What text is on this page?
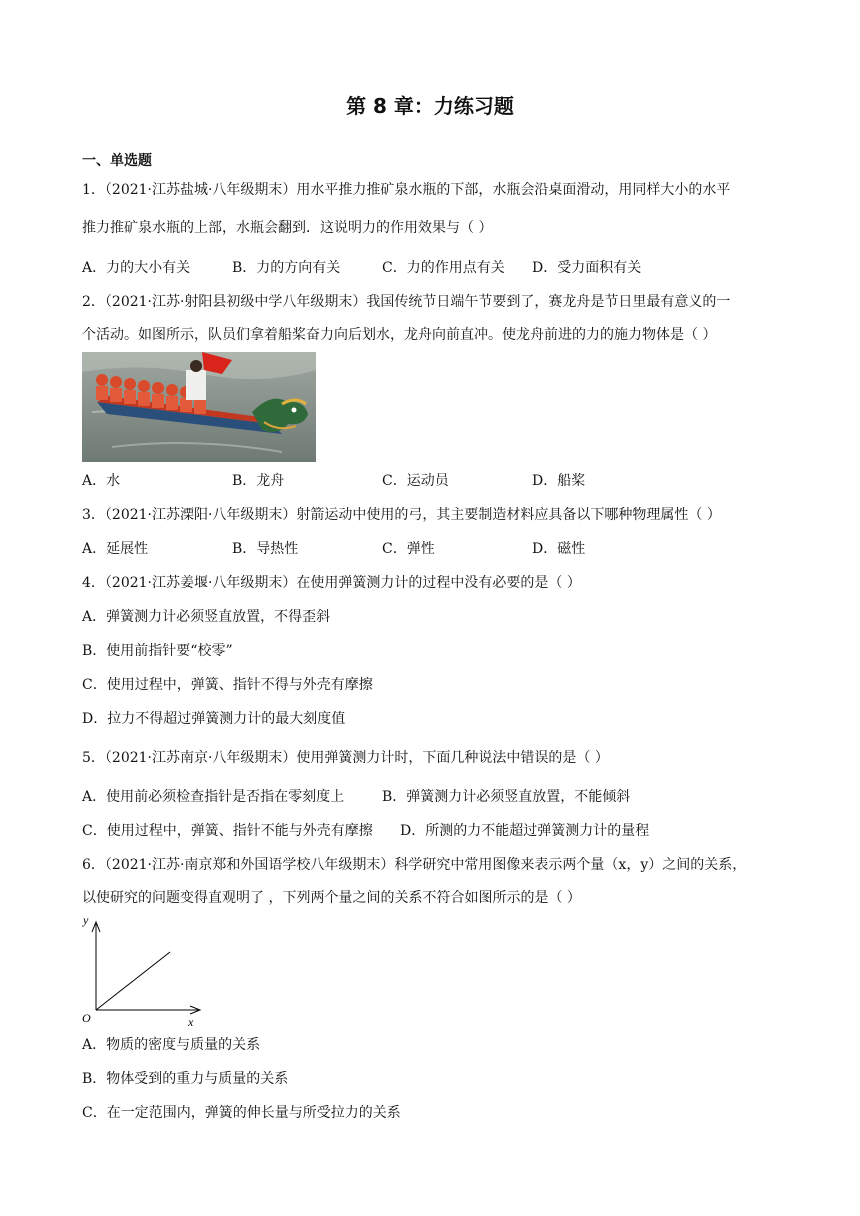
第 8 章：力练习题
一、单选题
1．（2021·江苏盐城·八年级期末）用水平推力推矿泉水瓶的下部，水瓶会沿桌面滑动，用同样大小的水平
推力推矿泉水瓶的上部，水瓶会翻到．这说明力的作用效果与（ ）
A．力的大小有关	B．力的方向有关	C．力的作用点有关 D．受力面积有关
2．（2021·江苏·射阳县初级中学八年级期末）我国传统节日端午节要到了，赛龙舟是节日里最有意义的一
个活动。如图所示，队员们拿着船桨奋力向后划水，龙舟向前直冲。使龙舟前进的力的施力物体是（ ）
A．水	B．龙舟	C．运动员	D．船桨
3．（2021·江苏溧阳·八年级期末）射箭运动中使用的弓，其主要制造材料应具备以下哪种物理属性（ ）
A．延展性	B．导热性	C．弹性	D．磁性
4．（2021·江苏姜堰·八年级期末）在使用弹簧测力计的过程中没有必要的是（ ）
A．弹簧测力计必须竖直放置，不得歪斜
B．使用前指针要“校零”
C．使用过程中，弹簧、指针不得与外壳有摩擦
D．拉力不得超过弹簧测力计的最大刻度值
5．（2021·江苏南京·八年级期末）使用弹簧测力计时，下面几种说法中错误的是（ ）
A．使用前必须检查指针是否指在零刻度上	B．弹簧测力计必须竖直放置，不能倾斜
C．使用过程中，弹簧、指针不能与外壳有摩擦 D．所测的力不能超过弹簧测力计的量程
6．（2021·江苏·南京郑和外国语学校八年级期末）科学研究中常用图像来表示两个量（x，y）之间的关系，
以使研究的问题变得直观明了 ，下列两个量之间的关系不符合如图所示的是（ ）
y
O	x
A．物质的密度与质量的关系
B．物体受到的重力与质量的关系
C．在一定范围内，弹簧的伸长量与所受拉力的关系
